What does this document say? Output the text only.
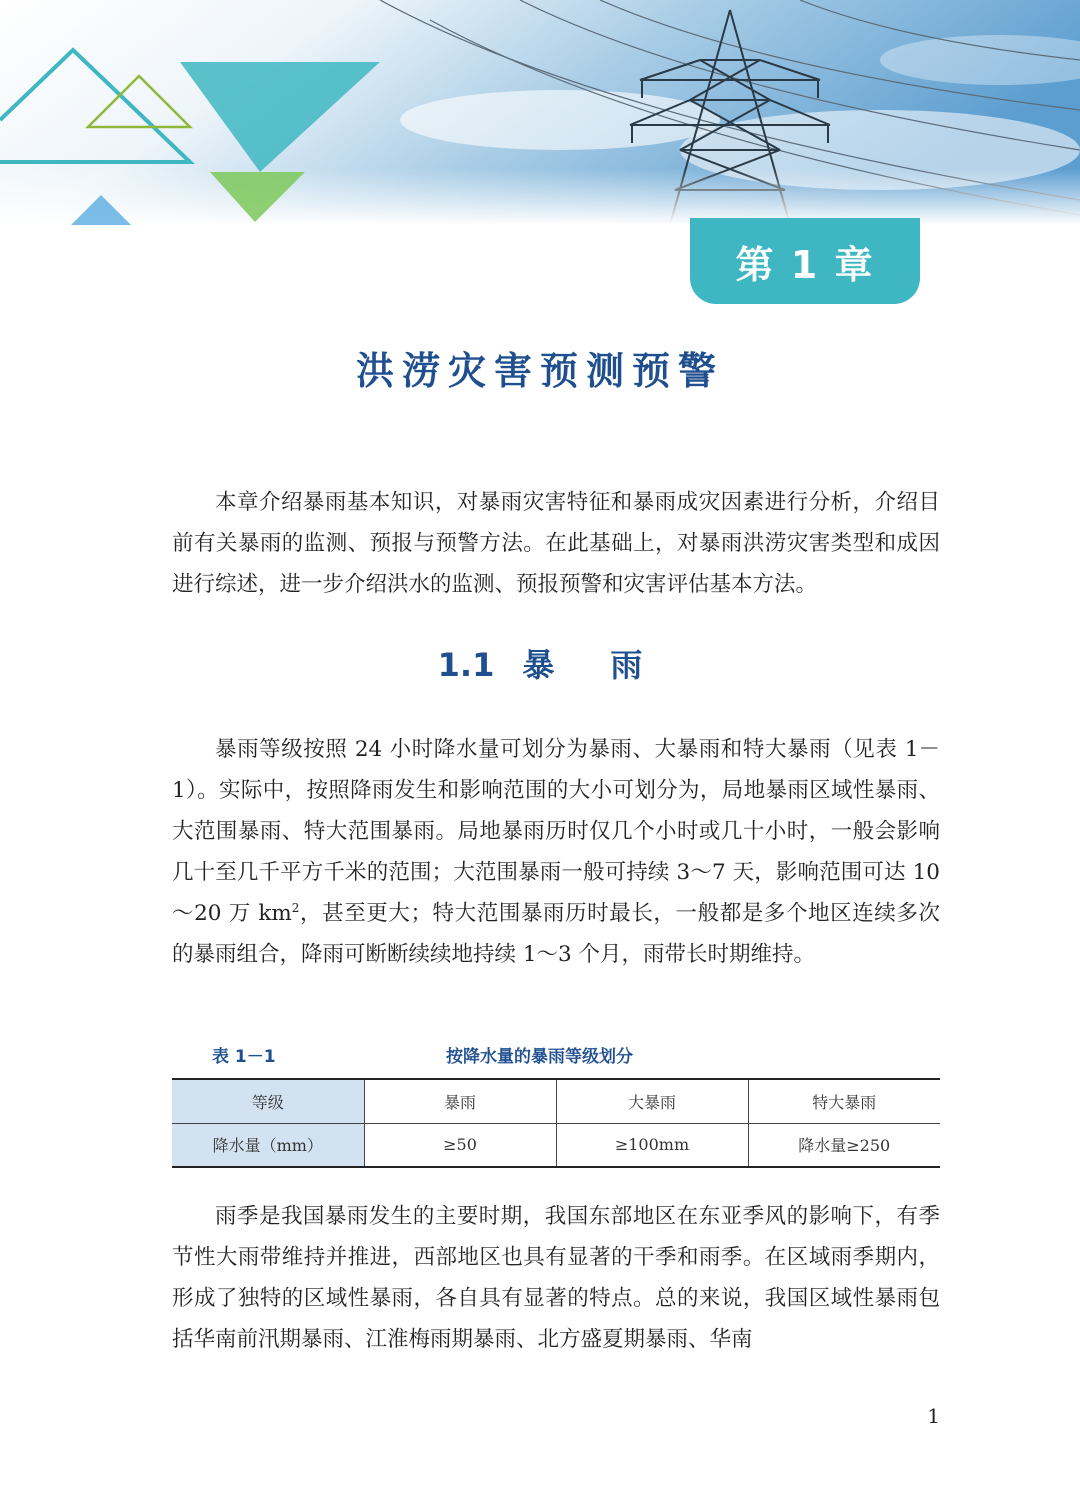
第 1 章
洪涝灾害预测预警

本章介绍暴雨基本知识，对暴雨灾害特征和暴雨成灾因素进行分析，介绍目前有关暴雨的监测、预报与预警方法。在此基础上，对暴雨洪涝灾害类型和成因进行综述，进一步介绍洪水的监测、预报预警和灾害评估基本方法。

1.1 暴 雨

暴雨等级按照 24 小时降水量可划分为暴雨、大暴雨和特大暴雨（见表 1－1）。实际中，按照降雨发生和影响范围的大小可划分为，局地暴雨区域性暴雨、大范围暴雨、特大范围暴雨。局地暴雨历时仅几个小时或几十小时，一般会影响几十至几千平方千米的范围；大范围暴雨一般可持续 3～7 天，影响范围可达 10～20 万 $km^2$，甚至更大；特大范围暴雨历时最长，一般都是多个地区连续多次的暴雨组合，降雨可断断续续地持续 1～3 个月，雨带长时期维持。

表 1－1	按降水量的暴雨等级划分
等级	暴雨	大暴雨	特大暴雨
降水量（mm）	≥50	≥100mm	降水量≥250

雨季是我国暴雨发生的主要时期，我国东部地区在东亚季风的影响下，有季节性大雨带维持并推进，西部地区也具有显著的干季和雨季。在区域雨季期内，形成了独特的区域性暴雨，各自具有显著的特点。总的来说，我国区域性暴雨包括华南前汛期暴雨、江淮梅雨期暴雨、北方盛夏期暴雨、华南

1
